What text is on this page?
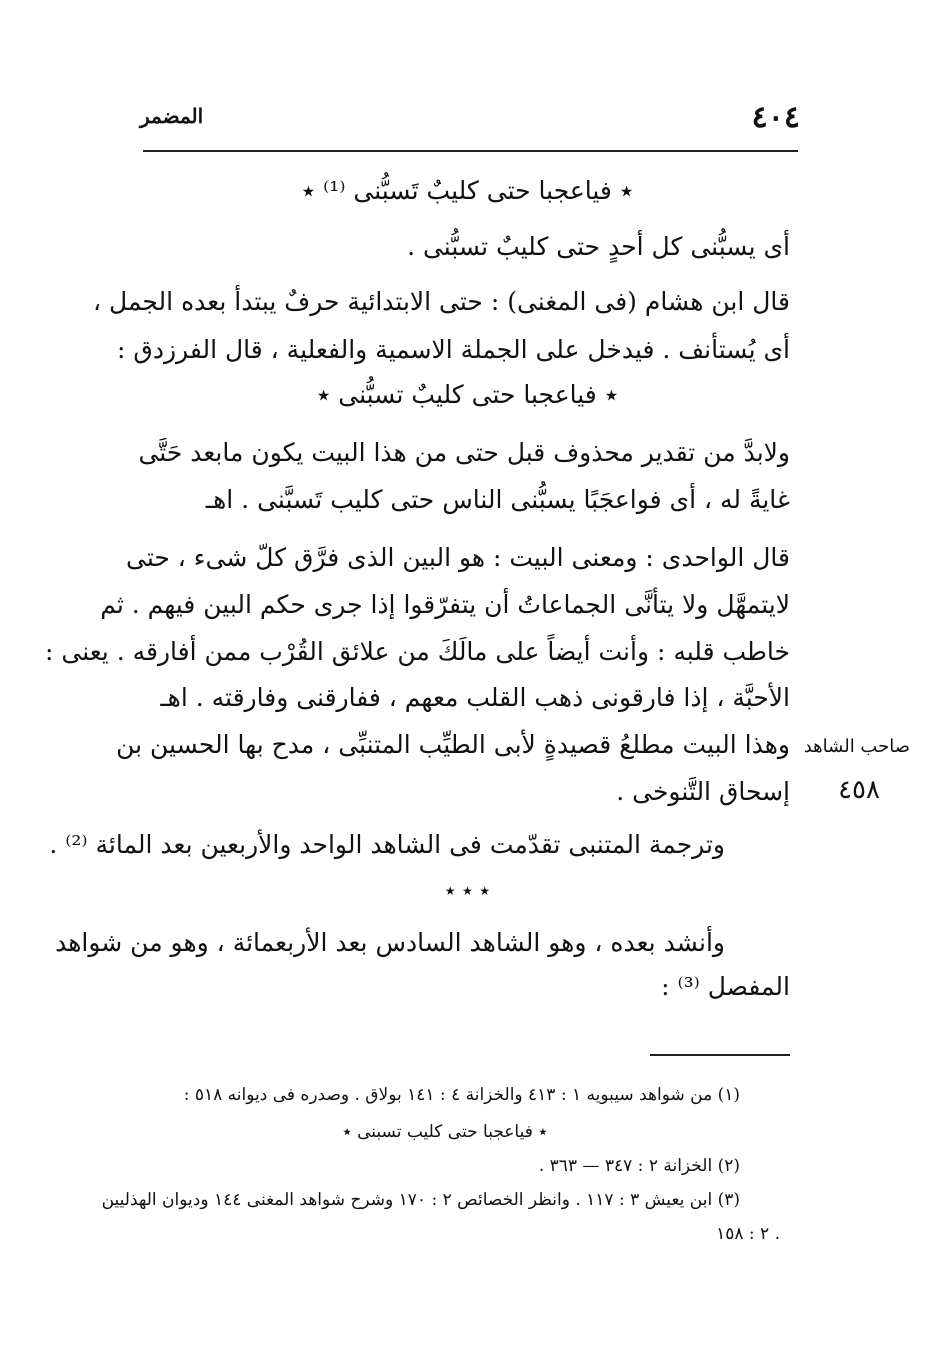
٤٠٤
المضمر
٭ فياعجبا حتى كليبٌ تَسبُّنى ⁽¹⁾ ٭
أى يسبُّنى كل أحدٍ حتى كليبٌ تسبُّنى .
قال ابن هشام (فى المغنى) : حتى الابتدائية حرفٌ يبتدأ بعده الجمل ،
أى يُستأنف . فيدخل على الجملة الاسمية والفعلية ، قال الفرزدق :
٭ فياعجبا حتى كليبٌ تسبُّنى ٭
ولابدَّ من تقدير محذوف قبل حتى من هذا البيت يكون مابعد حَتَّى
غايةً له ، أى فواعجَبًا يسبُّنى الناس حتى كليب تَسبَّنى . اهـ
قال الواحدى : ومعنى البيت : هو البين الذى فرَّق كلّ شىء ، حتى
لايتمهَّل ولا يتأنَّى الجماعاتُ أن يتفرّقوا إذا جرى حكم البين فيهم . ثم
خاطب قلبه : وأنت أيضاً على مالَكَ من علائق القُرْب ممن أفارقه . يعنى :
الأحبَّة ، إذا فارقونى ذهب القلب معهم ، ففارقنى وفارقته . اهـ
وهذا البيت مطلعُ قصيدةٍ لأبى الطيِّب المتنبِّى ، مدح بها الحسين بن
إسحاق التَّنوخى .
وترجمة المتنبى تقدّمت فى الشاهد الواحد والأربعين بعد المائة ⁽²⁾ .
صاحب الشاهد
٤٥٨
٭ ٭ ٭
وأنشد بعده ، وهو الشاهد السادس بعد الأربعمائة ، وهو من شواهد
المفصل ⁽³⁾ :
(١) من شواهد سيبويه ١ : ٤١٣ والخزانة ٤ : ١٤١ بولاق . وصدره فى ديوانه ٥١٨ :
٭ فياعجبا حتى كليب تسبنى ٭
(٢) الخزانة ٢ : ٣٤٧ — ٣٦٣ .
(٣) ابن يعيش ٣ : ١١٧ . وانظر الخصائص ٢ : ١٧٠ وشرح شواهد المغنى ١٤٤ وديوان الهذليين
٢ : ١٥٨ .
